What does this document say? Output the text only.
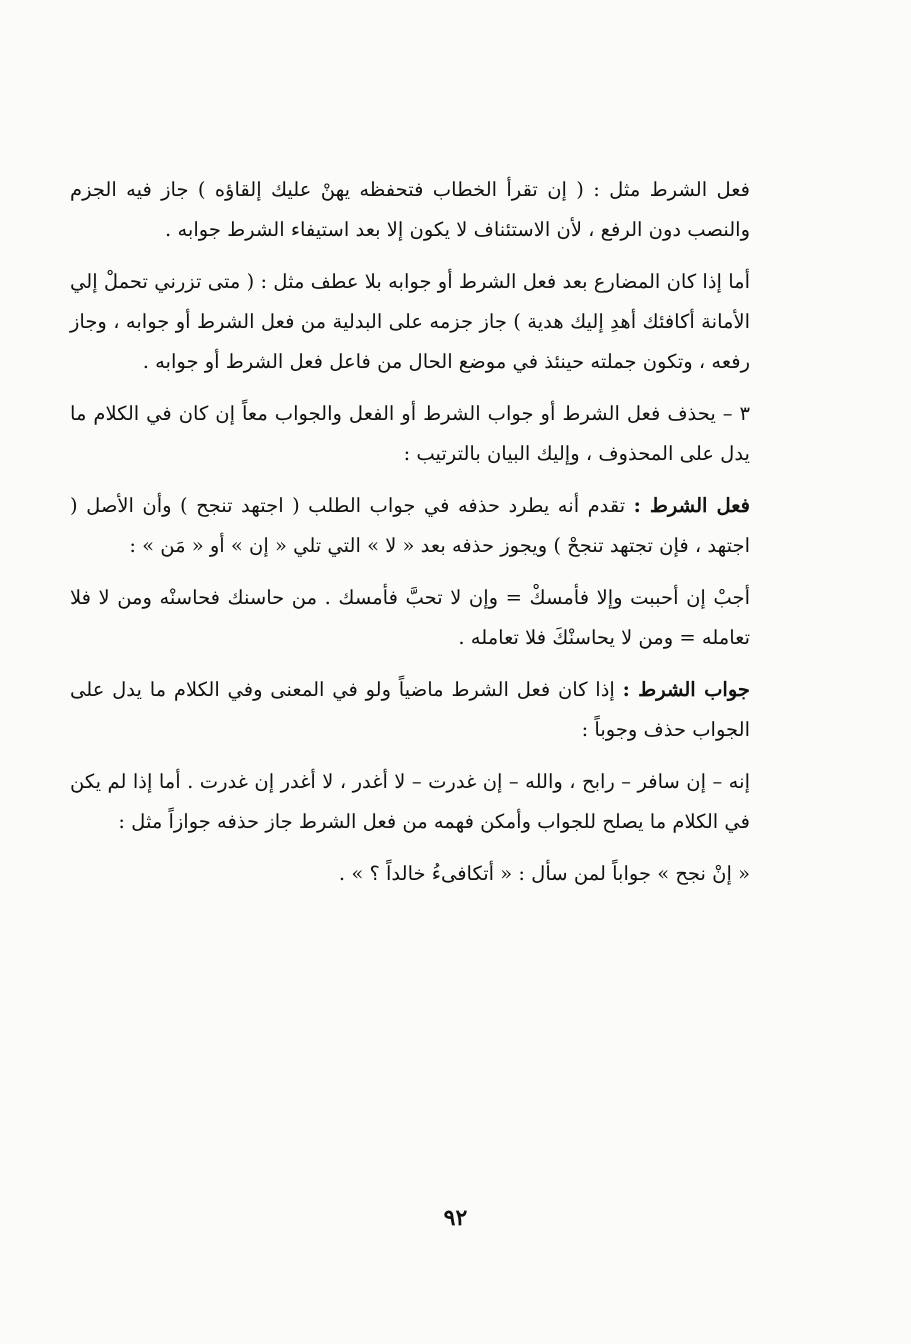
فعل الشرط مثل : ( إن تقرأ الخطاب فتحفظه يهنْ عليك إلقاؤه ) جاز فيه الجزم والنصب دون الرفع ، لأن الاستئناف لا يكون إلا بعد استيفاء الشرط جوابه .

أما إذا كان المضارع بعد فعل الشرط أو جوابه بلا عطف مثل : ( متى تزرني تحملْ إلي الأمانة أكافئك أهدِ إليك هدية ) جاز جزمه على البدلية من فعل الشرط أو جوابه ، وجاز رفعه ، وتكون جملته حينئذ في موضع الحال من فاعل فعل الشرط أو جوابه .

٣ – يحذف فعل الشرط أو جواب الشرط أو الفعل والجواب معاً إن كان في الكلام ما يدل على المحذوف ، وإليك البيان بالترتيب :

فعل الشرط : تقدم أنه يطرد حذفه في جواب الطلب ( اجتهد تنجح ) وأن الأصل ( اجتهد ، فإن تجتهد تنجحْ ) ويجوز حذفه بعد « لا » التي تلي « إن » أو « مَن » :

أجبْ إن أحببت وإلا فأمسكْ = وإن لا تحبَّ فأمسك . من حاسنك فحاسنْه ومن لا فلا تعامله = ومن لا يحاسنْكَ فلا تعامله .

جواب الشرط : إذا كان فعل الشرط ماضياً ولو في المعنى وفي الكلام ما يدل على الجواب حذف وجوباً :

إنه – إن سافر – رابح ، والله – إن غدرت – لا أغدر ، لا أغدر إن غدرت . أما إذا لم يكن في الكلام ما يصلح للجواب وأمكن فهمه من فعل الشرط جاز حذفه جوازاً مثل :

« إنْ نجح » جواباً لمن سأل : « أتكافىءُ خالداً ؟ » .

٩٢
